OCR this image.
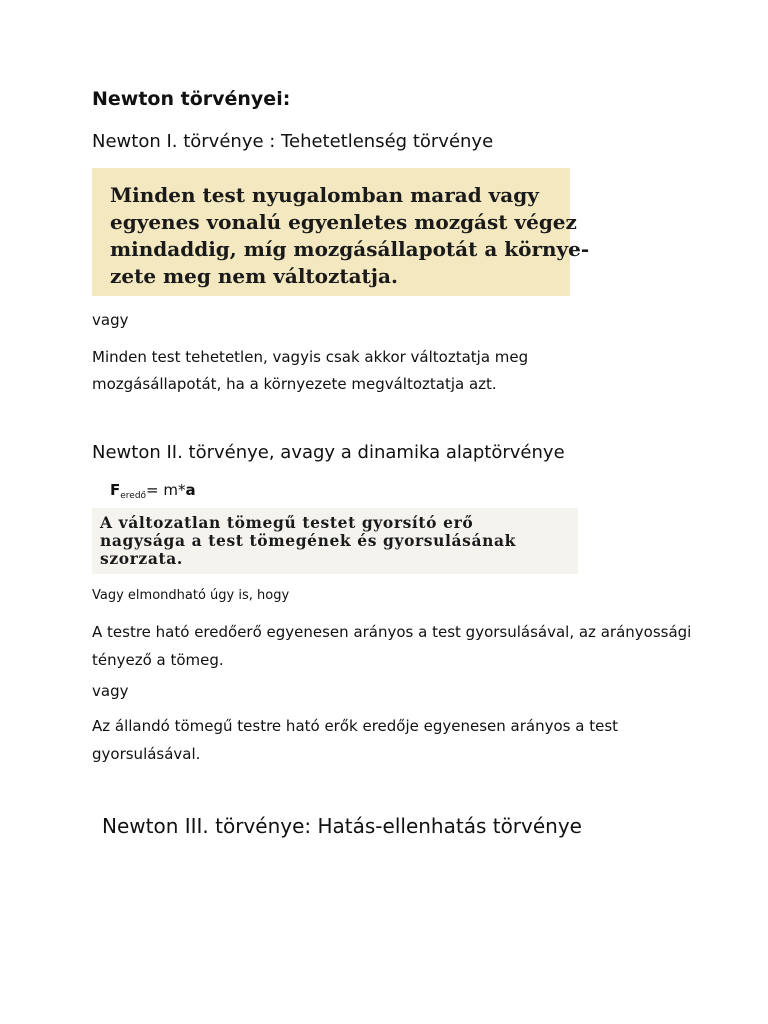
Newton törvényei:
Newton I. törvénye : Tehetetlenség törvénye
Minden test nyugalomban marad vagy
egyenes vonalú egyenletes mozgást végez
mindaddig, míg mozgásállapotát a környe-
zete meg nem változtatja.
vagy
Minden test tehetetlen, vagyis csak akkor változtatja meg mozgásállapotát, ha a környezete megváltoztatja azt.
Newton II. törvénye, avagy a dinamika alaptörvénye
$F_{eredő}= m*a$
A változatlan tömegű testet gyorsító erő
nagysága a test tömegének és gyorsulásának
szorzata.
Vagy elmondható úgy is, hogy
A testre ható eredőerő egyenesen arányos a test gyorsulásával, az arányossági tényező a tömeg.
vagy
Az állandó tömegű testre ható erők eredője egyenesen arányos a test gyorsulásával.
Newton III. törvénye: Hatás-ellenhatás törvénye
